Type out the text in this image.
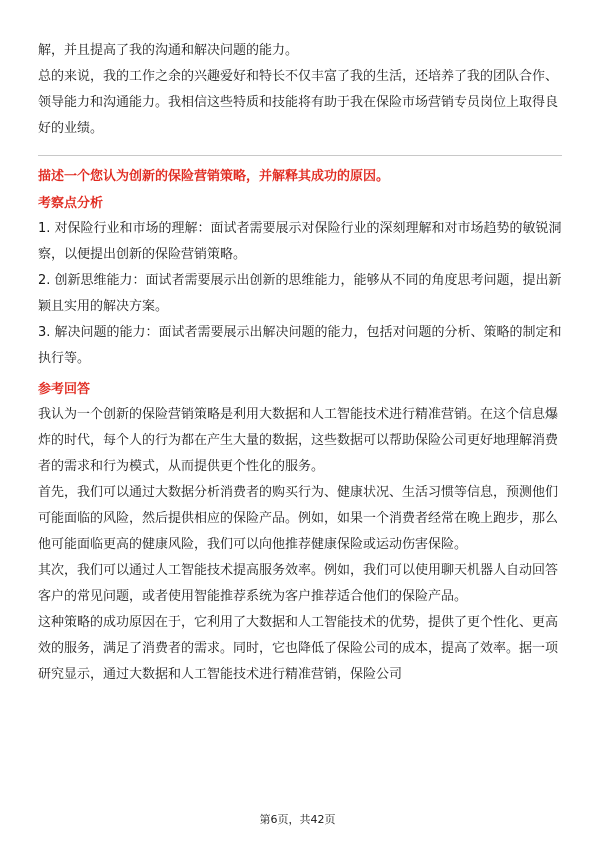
解，并且提高了我的沟通和解决问题的能力。

总的来说，我的工作之余的兴趣爱好和特长不仅丰富了我的生活，还培养了我的团队合作、领导能力和沟通能力。我相信这些特质和技能将有助于我在保险市场营销专员岗位上取得良好的业绩。

描述一个您认为创新的保险营销策略，并解释其成功的原因。

考察点分析

1. 对保险行业和市场的理解：面试者需要展示对保险行业的深刻理解和对市场趋势的敏锐洞察，以便提出创新的保险营销策略。

2. 创新思维能力：面试者需要展示出创新的思维能力，能够从不同的角度思考问题，提出新颖且实用的解决方案。

3. 解决问题的能力：面试者需要展示出解决问题的能力，包括对问题的分析、策略的制定和执行等。

参考回答

我认为一个创新的保险营销策略是利用大数据和人工智能技术进行精准营销。在这个信息爆炸的时代，每个人的行为都在产生大量的数据，这些数据可以帮助保险公司更好地理解消费者的需求和行为模式，从而提供更个性化的服务。

首先，我们可以通过大数据分析消费者的购买行为、健康状况、生活习惯等信息，预测他们可能面临的风险，然后提供相应的保险产品。例如，如果一个消费者经常在晚上跑步，那么他可能面临更高的健康风险，我们可以向他推荐健康保险或运动伤害保险。

其次，我们可以通过人工智能技术提高服务效率。例如，我们可以使用聊天机器人自动回答客户的常见问题，或者使用智能推荐系统为客户推荐适合他们的保险产品。

这种策略的成功原因在于，它利用了大数据和人工智能技术的优势，提供了更个性化、更高效的服务，满足了消费者的需求。同时，它也降低了保险公司的成本，提高了效率。据一项研究显示，通过大数据和人工智能技术进行精准营销，保险公司

第6页，共42页
